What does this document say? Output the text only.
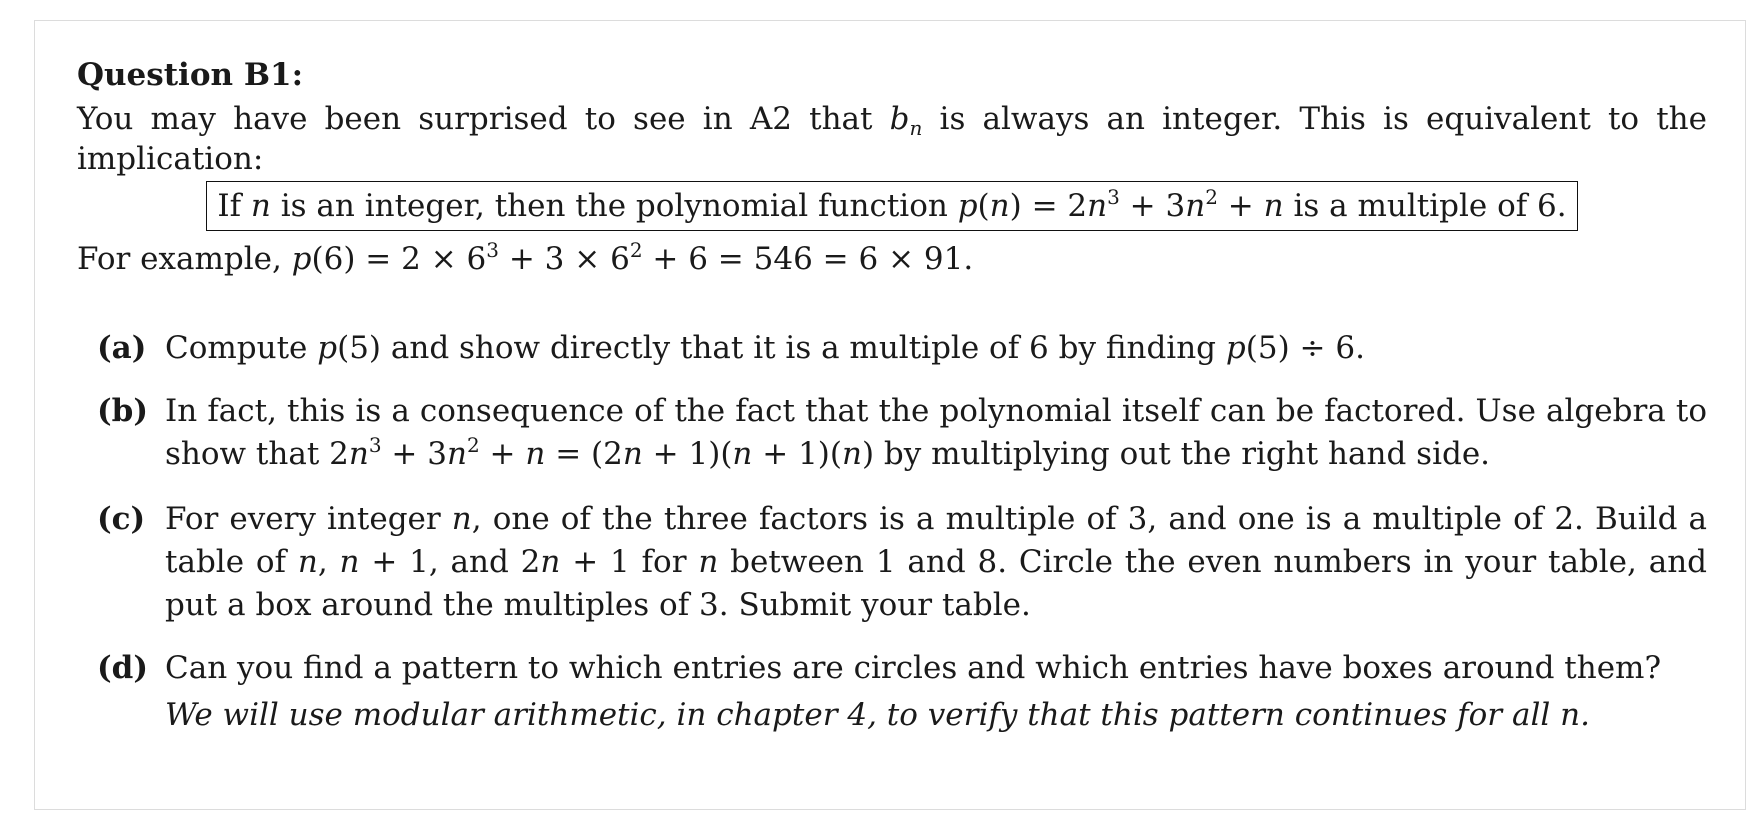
Question B1:

You may have been surprised to see in A2 that $b_n$ is always an integer. This is equivalent to the implication:

If n is an integer, then the polynomial function $p(n) = 2n^3 + 3n^2 + n$ is a multiple of 6.

For example, $p(6) = 2 \times 6^3 + 3 \times 6^2 + 6 = 546 = 6 \times 91$.

(a) Compute p(5) and show directly that it is a multiple of 6 by finding p(5) ÷ 6.

(b) In fact, this is a consequence of the fact that the polynomial itself can be factored. Use algebra to show that $2n^3 + 3n^2 + n = (2n + 1)(n + 1)(n)$ by multiplying out the right hand side.

(c) For every integer n, one of the three factors is a multiple of 3, and one is a multiple of 2. Build a table of n, n + 1, and 2n + 1 for n between 1 and 8. Circle the even numbers in your table, and put a box around the multiples of 3. Submit your table.

(d) Can you find a pattern to which entries are circles and which entries have boxes around them?

We will use modular arithmetic, in chapter 4, to verify that this pattern continues for all n.
